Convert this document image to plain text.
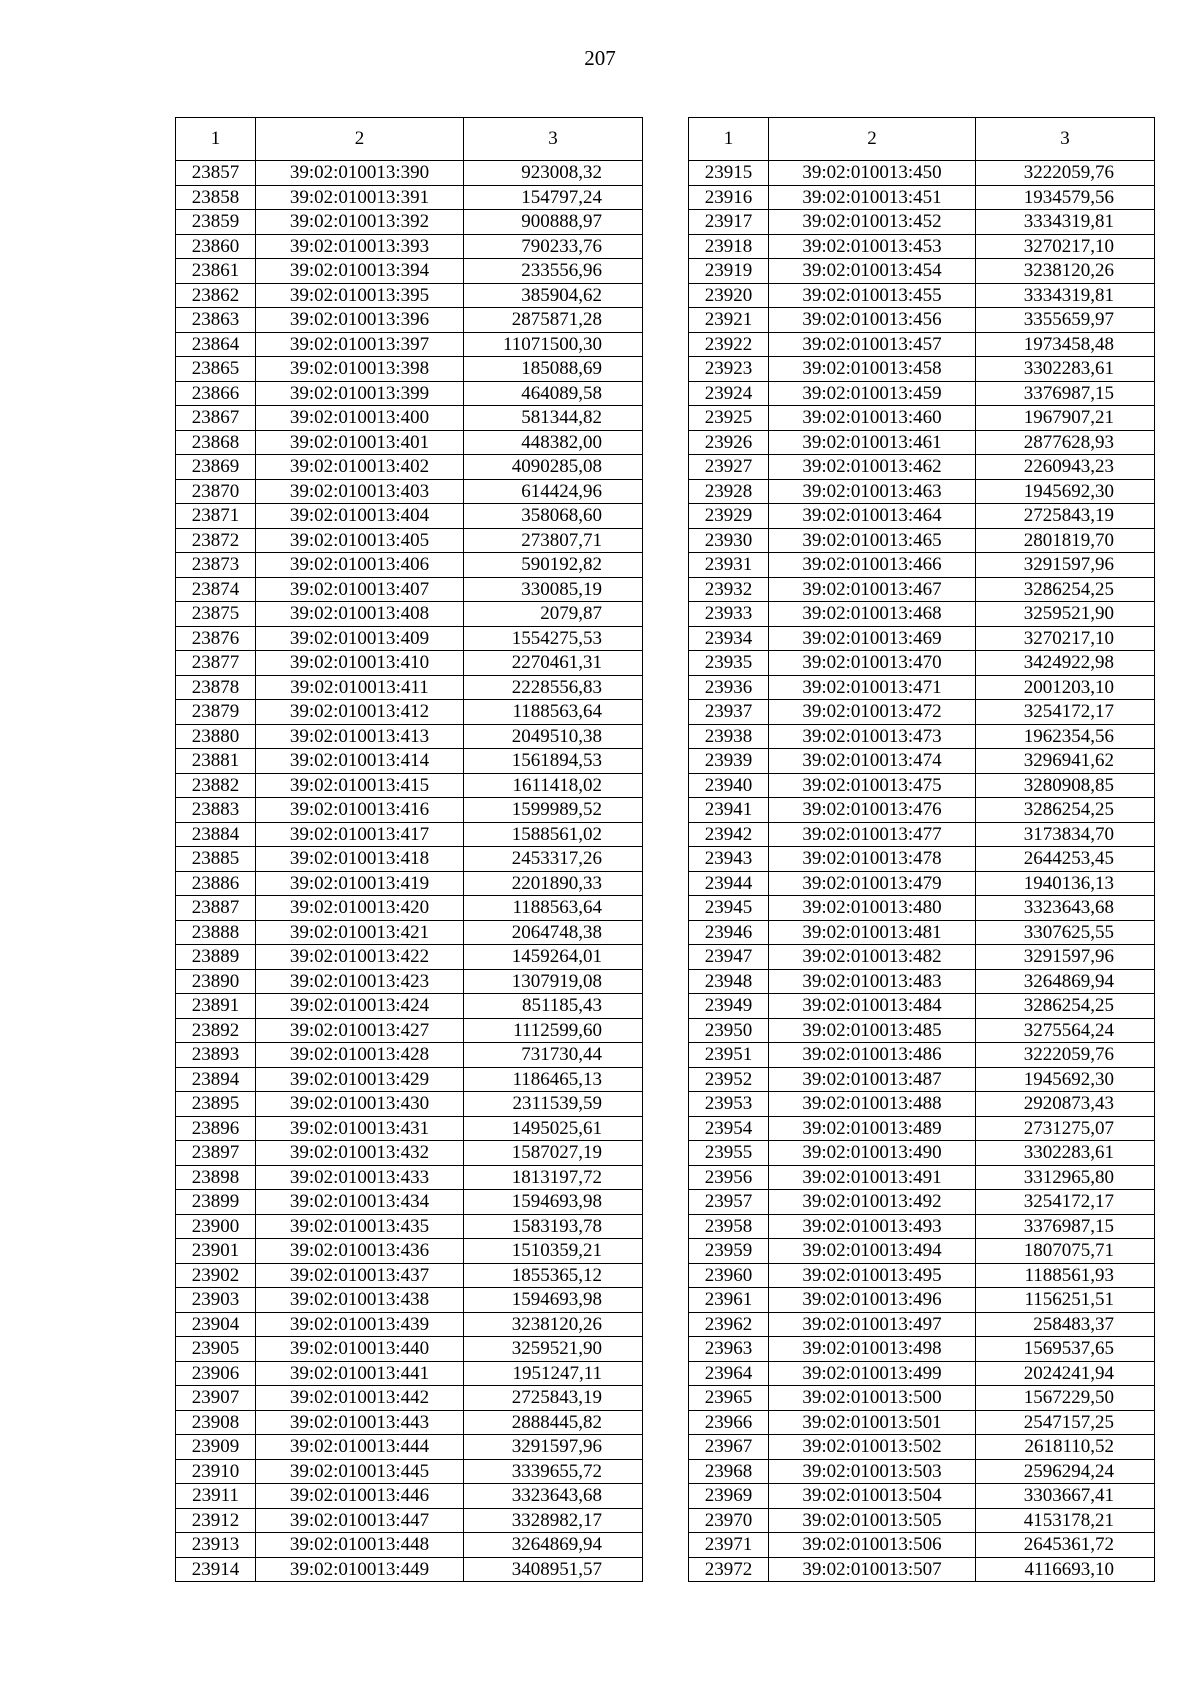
207
1	2	3
23857	39:02:010013:390	923008,32
23858	39:02:010013:391	154797,24
23859	39:02:010013:392	900888,97
23860	39:02:010013:393	790233,76
23861	39:02:010013:394	233556,96
23862	39:02:010013:395	385904,62
23863	39:02:010013:396	2875871,28
23864	39:02:010013:397	11071500,30
23865	39:02:010013:398	185088,69
23866	39:02:010013:399	464089,58
23867	39:02:010013:400	581344,82
23868	39:02:010013:401	448382,00
23869	39:02:010013:402	4090285,08
23870	39:02:010013:403	614424,96
23871	39:02:010013:404	358068,60
23872	39:02:010013:405	273807,71
23873	39:02:010013:406	590192,82
23874	39:02:010013:407	330085,19
23875	39:02:010013:408	2079,87
23876	39:02:010013:409	1554275,53
23877	39:02:010013:410	2270461,31
23878	39:02:010013:411	2228556,83
23879	39:02:010013:412	1188563,64
23880	39:02:010013:413	2049510,38
23881	39:02:010013:414	1561894,53
23882	39:02:010013:415	1611418,02
23883	39:02:010013:416	1599989,52
23884	39:02:010013:417	1588561,02
23885	39:02:010013:418	2453317,26
23886	39:02:010013:419	2201890,33
23887	39:02:010013:420	1188563,64
23888	39:02:010013:421	2064748,38
23889	39:02:010013:422	1459264,01
23890	39:02:010013:423	1307919,08
23891	39:02:010013:424	851185,43
23892	39:02:010013:427	1112599,60
23893	39:02:010013:428	731730,44
23894	39:02:010013:429	1186465,13
23895	39:02:010013:430	2311539,59
23896	39:02:010013:431	1495025,61
23897	39:02:010013:432	1587027,19
23898	39:02:010013:433	1813197,72
23899	39:02:010013:434	1594693,98
23900	39:02:010013:435	1583193,78
23901	39:02:010013:436	1510359,21
23902	39:02:010013:437	1855365,12
23903	39:02:010013:438	1594693,98
23904	39:02:010013:439	3238120,26
23905	39:02:010013:440	3259521,90
23906	39:02:010013:441	1951247,11
23907	39:02:010013:442	2725843,19
23908	39:02:010013:443	2888445,82
23909	39:02:010013:444	3291597,96
23910	39:02:010013:445	3339655,72
23911	39:02:010013:446	3323643,68
23912	39:02:010013:447	3328982,17
23913	39:02:010013:448	3264869,94
23914	39:02:010013:449	3408951,57
1	2	3
23915	39:02:010013:450	3222059,76
23916	39:02:010013:451	1934579,56
23917	39:02:010013:452	3334319,81
23918	39:02:010013:453	3270217,10
23919	39:02:010013:454	3238120,26
23920	39:02:010013:455	3334319,81
23921	39:02:010013:456	3355659,97
23922	39:02:010013:457	1973458,48
23923	39:02:010013:458	3302283,61
23924	39:02:010013:459	3376987,15
23925	39:02:010013:460	1967907,21
23926	39:02:010013:461	2877628,93
23927	39:02:010013:462	2260943,23
23928	39:02:010013:463	1945692,30
23929	39:02:010013:464	2725843,19
23930	39:02:010013:465	2801819,70
23931	39:02:010013:466	3291597,96
23932	39:02:010013:467	3286254,25
23933	39:02:010013:468	3259521,90
23934	39:02:010013:469	3270217,10
23935	39:02:010013:470	3424922,98
23936	39:02:010013:471	2001203,10
23937	39:02:010013:472	3254172,17
23938	39:02:010013:473	1962354,56
23939	39:02:010013:474	3296941,62
23940	39:02:010013:475	3280908,85
23941	39:02:010013:476	3286254,25
23942	39:02:010013:477	3173834,70
23943	39:02:010013:478	2644253,45
23944	39:02:010013:479	1940136,13
23945	39:02:010013:480	3323643,68
23946	39:02:010013:481	3307625,55
23947	39:02:010013:482	3291597,96
23948	39:02:010013:483	3264869,94
23949	39:02:010013:484	3286254,25
23950	39:02:010013:485	3275564,24
23951	39:02:010013:486	3222059,76
23952	39:02:010013:487	1945692,30
23953	39:02:010013:488	2920873,43
23954	39:02:010013:489	2731275,07
23955	39:02:010013:490	3302283,61
23956	39:02:010013:491	3312965,80
23957	39:02:010013:492	3254172,17
23958	39:02:010013:493	3376987,15
23959	39:02:010013:494	1807075,71
23960	39:02:010013:495	1188561,93
23961	39:02:010013:496	1156251,51
23962	39:02:010013:497	258483,37
23963	39:02:010013:498	1569537,65
23964	39:02:010013:499	2024241,94
23965	39:02:010013:500	1567229,50
23966	39:02:010013:501	2547157,25
23967	39:02:010013:502	2618110,52
23968	39:02:010013:503	2596294,24
23969	39:02:010013:504	3303667,41
23970	39:02:010013:505	4153178,21
23971	39:02:010013:506	2645361,72
23972	39:02:010013:507	4116693,10
